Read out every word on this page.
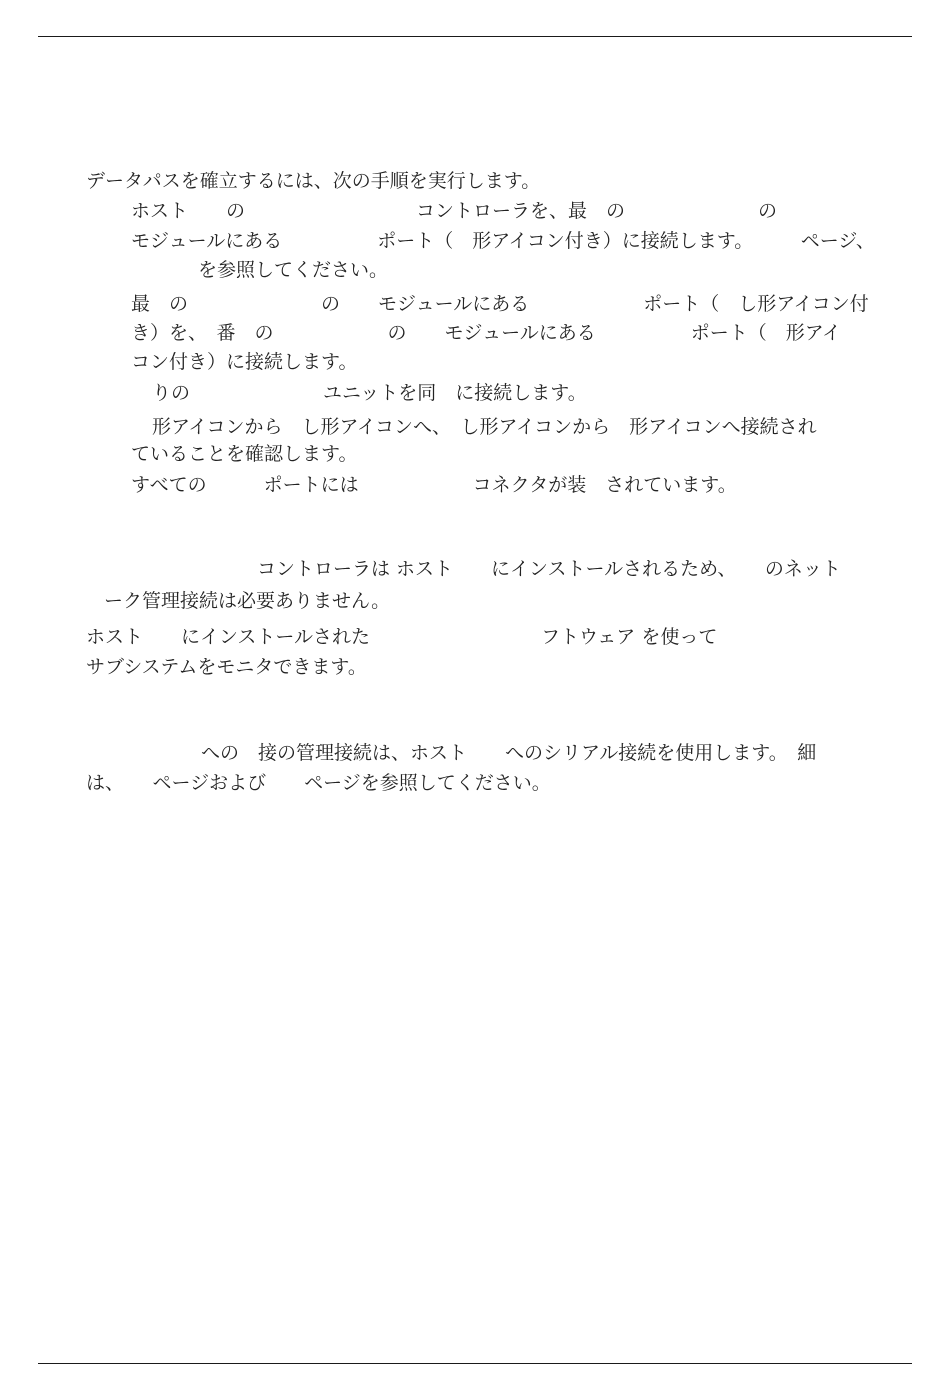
データパスを確立するには、次の手順を実行します。
ホスト　　の　　　　　　　　　コントローラを、最　の　　　　　　　の
モジュールにある　　　　　ポート（　形アイコン付き）に接続します。　　　ページ、
を参照してください。
最　の　　　　　　　の　　モジュールにある　　　　　　ポート（　し形アイコン付
き）を、　番　の　　　　　　の　　モジュールにある　　　　　ポート（　形アイ
コン付き）に接続します。
りの　　　　　　　ユニットを同　に接続します。
形アイコンから　し形アイコンへ、　し形アイコンから　形アイコンへ接続され
ていることを確認します。
すべての　　　ポートには　　　　　　コネクタが装　されています。
コントローラは ホスト　　にインストールされるため、　　のネット
ーク管理接続は必要ありません。
ホスト　　にインストールされた　　　　　　　　　フトウェア を使って
サブシステムをモニタできます。
への　接の管理接続は、ホスト　　へのシリアル接続を使用します。　細
は、　　ページおよび　　ページを参照してください。
